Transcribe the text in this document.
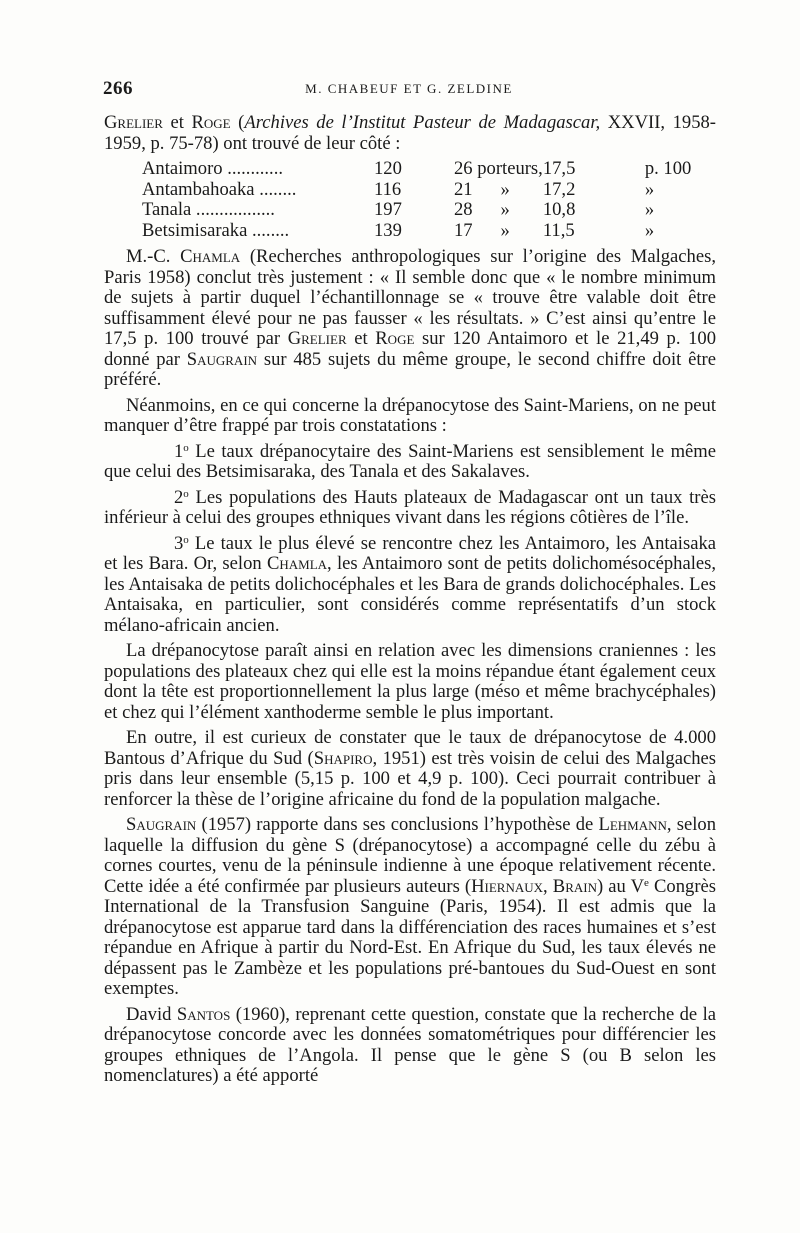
266	M. CHABEUF ET G. ZELDINE

Grelier et Roge (Archives de l’Institut Pasteur de Madagascar, XXVII, 1958-1959, p. 75-78) ont trouvé de leur côté :

Antaimoro ............	120	26 porteurs,	17,5	p. 100
Antambahoaka ........	116	21      »	17,2	»
Tanala .................	197	28      »	10,8	»
Betsimisaraka ........	139	17      »	11,5	»

M.-C. Chamla (Recherches anthropologiques sur l’origine des Malgaches, Paris 1958) conclut très justement : « Il semble donc que « le nombre minimum de sujets à partir duquel l’échantillonnage se « trouve être valable doit être suffisamment élevé pour ne pas fausser « les résultats. » C’est ainsi qu’entre le 17,5 p. 100 trouvé par Grelier et Roge sur 120 Antaimoro et le 21,49 p. 100 donné par Saugrain sur 485 sujets du même groupe, le second chiffre doit être préféré.

Néanmoins, en ce qui concerne la drépanocytose des Saint-Mariens, on ne peut manquer d’être frappé par trois constatations :

1$^o$ Le taux drépanocytaire des Saint-Mariens est sensiblement le même que celui des Betsimisaraka, des Tanala et des Sakalaves.

2$^o$ Les populations des Hauts plateaux de Madagascar ont un taux très inférieur à celui des groupes ethniques vivant dans les régions côtières de l’île.

3$^o$ Le taux le plus élevé se rencontre chez les Antaimoro, les Antaisaka et les Bara. Or, selon Chamla, les Antaimoro sont de petits dolichomésocéphales, les Antaisaka de petits dolichocéphales et les Bara de grands dolichocéphales. Les Antaisaka, en particulier, sont considérés comme représentatifs d’un stock mélano-africain ancien.

La drépanocytose paraît ainsi en relation avec les dimensions craniennes : les populations des plateaux chez qui elle est la moins répandue étant également ceux dont la tête est proportionnellement la plus large (méso et même brachycéphales) et chez qui l’élément xanthoderme semble le plus important.

En outre, il est curieux de constater que le taux de drépanocytose de 4.000 Bantous d’Afrique du Sud (Shapiro, 1951) est très voisin de celui des Malgaches pris dans leur ensemble (5,15 p. 100 et 4,9 p. 100). Ceci pourrait contribuer à renforcer la thèse de l’origine africaine du fond de la population malgache.

Saugrain (1957) rapporte dans ses conclusions l’hypothèse de Lehmann, selon laquelle la diffusion du gène S (drépanocytose) a accompagné celle du zébu à cornes courtes, venu de la péninsule indienne à une époque relativement récente. Cette idée a été confirmée par plusieurs auteurs (Hiernaux, Brain) au Ve Congrès International de la Transfusion Sanguine (Paris, 1954). Il est admis que la drépanocytose est apparue tard dans la différenciation des races humaines et s’est répandue en Afrique à partir du Nord-Est. En Afrique du Sud, les taux élevés ne dépassent pas le Zambèze et les populations pré-bantoues du Sud-Ouest en sont exemptes.

David Santos (1960), reprenant cette question, constate que la recherche de la drépanocytose concorde avec les données somatométriques pour différencier les groupes ethniques de l’Angola. Il pense que le gène S (ou B selon les nomenclatures) a été apporté
